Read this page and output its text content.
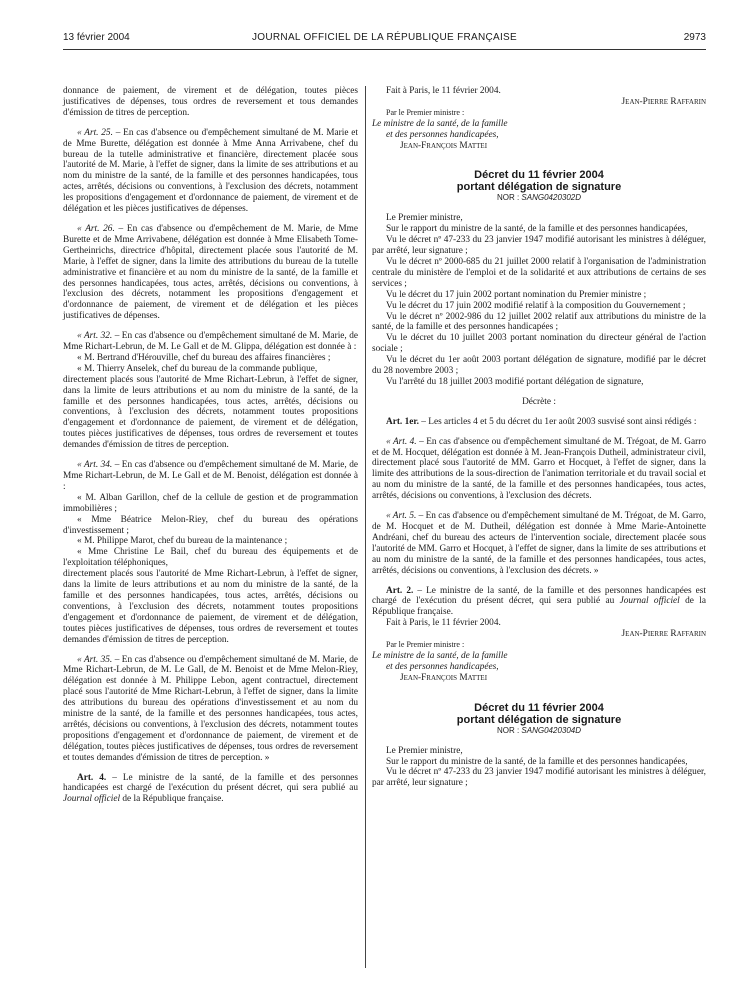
13 février 2004	JOURNAL OFFICIEL DE LA RÉPUBLIQUE FRANÇAISE	2973

donnance de paiement, de virement et de délégation, toutes pièces justificatives de dépenses, tous ordres de reversement et tous demandes d'émission de titres de perception.

« Art. 25. – En cas d'absence ou d'empêchement simultané de M. Marie et de Mme Burette, délégation est donnée à Mme Anna Arrivabene, chef du bureau de la tutelle administrative et financière, directement placée sous l'autorité de M. Marie, à l'effet de signer, dans la limite de ses attributions et au nom du ministre de la santé, de la famille et des personnes handicapées, tous actes, arrêtés, décisions ou conventions, à l'exclusion des décrets, notamment les propositions d'engagement et d'ordonnance de paiement, de virement et de délégation et les pièces justificatives de dépenses.

« Art. 26. – En cas d'absence ou d'empêchement de M. Marie, de Mme Burette et de Mme Arrivabene, délégation est donnée à Mme Elisabeth Tome-Gertheinrichs, directrice d'hôpital, directement placée sous l'autorité de M. Marie, à l'effet de signer, dans la limite des attributions du bureau de la tutelle administrative et financière et au nom du ministre de la santé, de la famille et des personnes handicapées, tous actes, arrêtés, décisions ou conventions, à l'exclusion des décrets, notamment les propositions d'engagement et d'ordonnance de paiement, de virement et de délégation et les pièces justificatives de dépenses.

« Art. 32. – En cas d'absence ou d'empêchement simultané de M. Marie, de Mme Richart-Lebrun, de M. Le Gall et de M. Glippa, délégation est donnée à :

« M. Bertrand d'Hérouville, chef du bureau des affaires financières ;

« M. Thierry Anselek, chef du bureau de la commande publique,

directement placés sous l'autorité de Mme Richart-Lebrun, à l'effet de signer, dans la limite de leurs attributions et au nom du ministre de la santé, de la famille et des personnes handicapées, tous actes, arrêtés, décisions ou conventions, à l'exclusion des décrets, notamment toutes propositions d'engagement et d'ordonnance de paiement, de virement et de délégation, toutes pièces justificatives de dépenses, tous ordres de reversement et toutes demandes d'émission de titres de perception.

« Art. 34. – En cas d'absence ou d'empêchement simultané de M. Marie, de Mme Richart-Lebrun, de M. Le Gall et de M. Benoist, délégation est donnée à :

« M. Alban Garillon, chef de la cellule de gestion et de programmation immobilières ;

« Mme Béatrice Melon-Riey, chef du bureau des opérations d'investissement ;

« M. Philippe Marot, chef du bureau de la maintenance ;

« Mme Christine Le Bail, chef du bureau des équipements et de l'exploitation téléphoniques,

directement placés sous l'autorité de Mme Richart-Lebrun, à l'effet de signer, dans la limite de leurs attributions et au nom du ministre de la santé, de la famille et des personnes handicapées, tous actes, arrêtés, décisions ou conventions, à l'exclusion des décrets, notamment toutes propositions d'engagement et d'ordonnance de paiement, de virement et de délégation, toutes pièces justificatives de dépenses, tous ordres de reversement et toutes demandes d'émission de titres de perception.

« Art. 35. – En cas d'absence ou d'empêchement simultané de M. Marie, de Mme Richart-Lebrun, de M. Le Gall, de M. Benoist et de Mme Melon-Riey, délégation est donnée à M. Philippe Lebon, agent contractuel, directement placé sous l'autorité de Mme Richart-Lebrun, à l'effet de signer, dans la limite des attributions du bureau des opérations d'investissement et au nom du ministre de la santé, de la famille et des personnes handicapées, tous actes, arrêtés, décisions ou conventions, à l'exclusion des décrets, notamment toutes propositions d'engagement et d'ordonnance de paiement, de virement et de délégation, toutes pièces justificatives de dépenses, tous ordres de reversement et toutes demandes d'émission de titres de perception. »

Art. 4. – Le ministre de la santé, de la famille et des personnes handicapées est chargé de l'exécution du présent décret, qui sera publié au Journal officiel de la République française.

Fait à Paris, le 11 février 2004.

Jean-Pierre Raffarin

Par le Premier ministre :

Le ministre de la santé, de la famille

et des personnes handicapées,

Jean-François Mattei

Décret du 11 février 2004

portant délégation de signature

NOR : SANG0420302D

Le Premier ministre,

Sur le rapport du ministre de la santé, de la famille et des personnes handicapées,

Vu le décret nº 47-233 du 23 janvier 1947 modifié autorisant les ministres à déléguer, par arrêté, leur signature ;

Vu le décret nº 2000-685 du 21 juillet 2000 relatif à l'organisation de l'administration centrale du ministère de l'emploi et de la solidarité et aux attributions de certains de ses services ;

Vu le décret du 17 juin 2002 portant nomination du Premier ministre ;

Vu le décret du 17 juin 2002 modifié relatif à la composition du Gouvernement ;

Vu le décret nº 2002-986 du 12 juillet 2002 relatif aux attributions du ministre de la santé, de la famille et des personnes handicapées ;

Vu le décret du 10 juillet 2003 portant nomination du directeur général de l'action sociale ;

Vu le décret du 1er août 2003 portant délégation de signature, modifié par le décret du 28 novembre 2003 ;

Vu l'arrêté du 18 juillet 2003 modifié portant délégation de signature,

Décrète :

Art. 1er. – Les articles 4 et 5 du décret du 1er août 2003 susvisé sont ainsi rédigés :

« Art. 4. – En cas d'absence ou d'empêchement simultané de M. Trégoat, de M. Garro et de M. Hocquet, délégation est donnée à M. Jean-François Dutheil, administrateur civil, directement placé sous l'autorité de MM. Garro et Hocquet, à l'effet de signer, dans la limite des attributions de la sous-direction de l'animation territoriale et du travail social et au nom du ministre de la santé, de la famille et des personnes handicapées, tous actes, arrêtés, décisions ou conventions, à l'exclusion des décrets.

« Art. 5. – En cas d'absence ou d'empêchement simultané de M. Trégoat, de M. Garro, de M. Hocquet et de M. Dutheil, délégation est donnée à Mme Marie-Antoinette Andréani, chef du bureau des acteurs de l'intervention sociale, directement placée sous l'autorité de MM. Garro et Hocquet, à l'effet de signer, dans la limite de ses attributions et au nom du ministre de la santé, de la famille et des personnes handicapées, tous actes, arrêtés, décisions ou conventions, à l'exclusion des décrets. »

Art. 2. – Le ministre de la santé, de la famille et des personnes handicapées est chargé de l'exécution du présent décret, qui sera publié au Journal officiel de la République française.

Fait à Paris, le 11 février 2004.

Jean-Pierre Raffarin

Par le Premier ministre :

Le ministre de la santé, de la famille

et des personnes handicapées,

Jean-François Mattei

Décret du 11 février 2004

portant délégation de signature

NOR : SANG0420304D

Le Premier ministre,

Sur le rapport du ministre de la santé, de la famille et des personnes handicapées,

Vu le décret nº 47-233 du 23 janvier 1947 modifié autorisant les ministres à déléguer, par arrêté, leur signature ;
